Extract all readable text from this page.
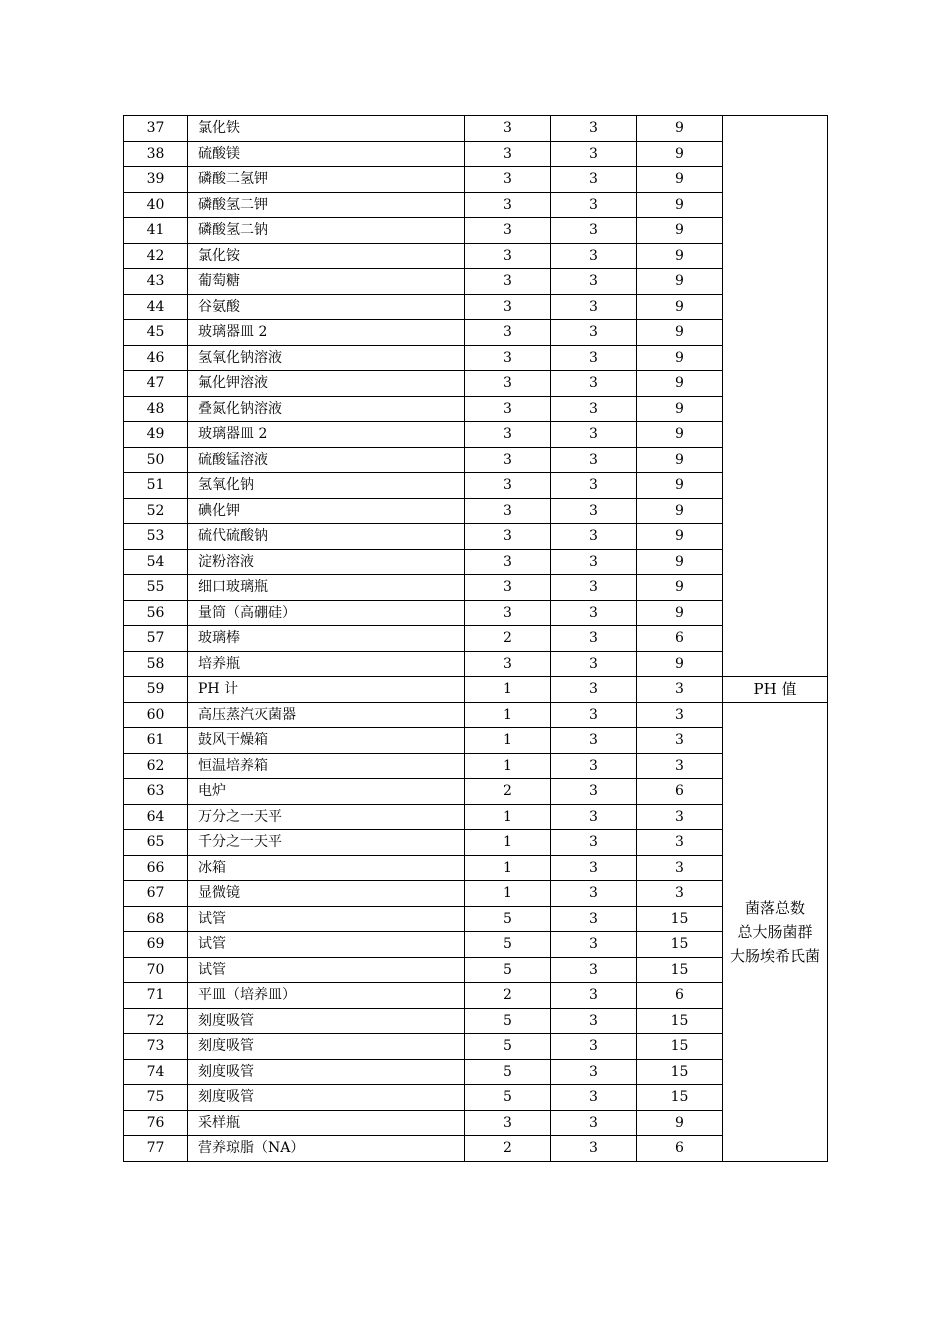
37	氯化铁	3	3	9	
38	硫酸镁	3	3	9	
39	磷酸二氢钾	3	3	9	
40	磷酸氢二钾	3	3	9	
41	磷酸氢二钠	3	3	9	
42	氯化铵	3	3	9	
43	葡萄糖	3	3	9	
44	谷氨酸	3	3	9	
45	玻璃器皿 2	3	3	9	
46	氢氧化钠溶液	3	3	9	
47	氟化钾溶液	3	3	9	
48	叠氮化钠溶液	3	3	9	
49	玻璃器皿 2	3	3	9	
50	硫酸锰溶液	3	3	9	
51	氢氧化钠	3	3	9	
52	碘化钾	3	3	9	
53	硫代硫酸钠	3	3	9	
54	淀粉溶液	3	3	9	
55	细口玻璃瓶	3	3	9	
56	量筒（高硼硅）	3	3	9	
57	玻璃棒	2	3	6	
58	培养瓶	3	3	9	
59	PH 计	1	3	3	PH 值
60	高压蒸汽灭菌器	1	3	3	菌落总数
总大肠菌群
大肠埃希氏菌
61	鼓风干燥箱	1	3	3	
62	恒温培养箱	1	3	3	
63	电炉	2	3	6	
64	万分之一天平	1	3	3	
65	千分之一天平	1	3	3	
66	冰箱	1	3	3	
67	显微镜	1	3	3	
68	试管	5	3	15	
69	试管	5	3	15	
70	试管	5	3	15	
71	平皿（培养皿）	2	3	6	
72	刻度吸管	5	3	15	
73	刻度吸管	5	3	15	
74	刻度吸管	5	3	15	
75	刻度吸管	5	3	15	
76	采样瓶	3	3	9	
77	营养琼脂（NA）	2	3	6	
